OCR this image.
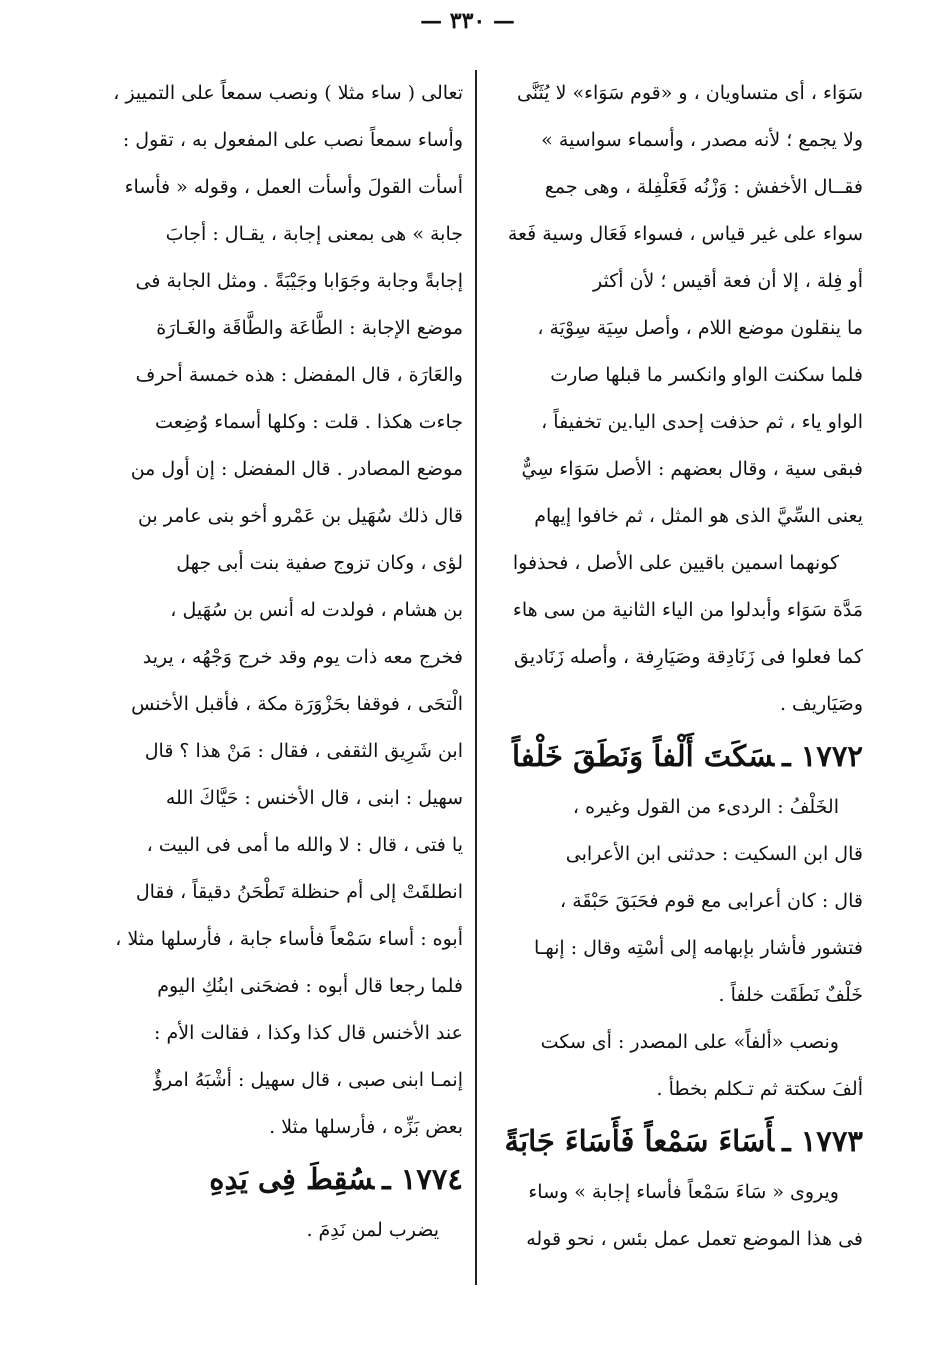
— ٣٣٠ —
سَوَاء ، أى متساويان ، و «قوم سَوَاء» لا يُثَنَّى
ولا يجمع ؛ لأنه مصدر ، وأسماء سواسية »
فقــال الأخفش : وَزْنُه فَعَلْفِلة ، وهى جمع
سواء على غير قياس ، فسواء فَعَال وسية فَعة
أو فِلة ، إلا أن فعة أقيس ؛ لأن أكثر
ما ينقلون موضع اللام ، وأصل سِيَة سِوْيَة ،
فلما سكنت الواو وانكسر ما قبلها صارت
الواو ياء ، ثم حذفت إحدى اليا.ين تخفيفاً ،
فبقى سية ، وقال بعضهم : الأصل سَوَاء سِيٌّ
يعنى السِّيَّ الذى هو المثل ، ثم خافوا إيهام
كونهما اسمين باقيين على الأصل ، فحذفوا
مَدَّة سَوَاء وأبدلوا من الياء الثانية من سى هاء
كما فعلوا فى زَنَادِقة وصَيَارِفة ، وأصله زَنَاديق
وصَيَاريف .
١٧٧٢ ـسَكَتَ أَلْفاً وَنَطَقَ خَلْفاً
الخَلْفُ : الردىء من القول وغيره ،
قال ابن السكيت : حدثنى ابن الأعرابى
قال : كان أعرابى مع قوم فحَبَقَ حَبْقَة ،
فتشور فأشار بإبهامه إلى أسْتِه وقال : إنهـا
خَلْفٌ نَطَقَت خلفاً .
ونصب «ألفاً» على المصدر : أى سكت
ألفَ سكتة ثم تـكلم بخطأ .
١٧٧٣ ـأَسَاءَ سَمْعاً فَأَسَاءَ جَابَةً
ويروى « سَاءَ سَمْعاً فأساء إجابة » وساء
فى هذا الموضع تعمل عمل بئس ، نحو قوله
تعالى ( ساء مثلا ) ونصب سمعاً على التمييز ،
وأساء سمعاً نصب على المفعول به ، تقول :
أسأت القولَ وأسأت العمل ، وقوله « فأساء
جابة » هى بمعنى إجابة ، يقـال : أجابَ
إجابةً وجابة وجَوَابا وجَيْبَةً . ومثل الجابة فى
موضع الإجابة : الطَّاعَة والطَّاقَة والغَـارَة
والعَارَة ، قال المفضل : هذه خمسة أحرف
جاءت هكذا . قلت : وكلها أسماء وُضِعت
موضع المصادر . قال المفضل : إن أول من
قال ذلك سُهَيل بن عَمْرو أخو بنى عامر بن
لؤى ، وكان تزوج صفية بنت أبى جهل
بن هشام ، فولدت له أنس بن سُهَيل ،
فخرج معه ذات يوم وقد خرج وَجْهُه ، يريد
الْتحَى ، فوقفا بحَزْوَرَة مكة ، فأقبل الأخنس
ابن شَرِيق الثقفى ، فقال : مَنْ هذا ؟ قال
سهيل : ابنى ، قال الأخنس : حَيَّاكَ الله
يا فتى ، قال : لا والله ما أمى فى البيت ،
انطلقَتْ إلى أم حنظلة تَطْحَنُ دقيقاً ، فقال
أبوه : أساء سَمْعاً فأساء جابة ، فأرسلها مثلا ،
فلما رجعا قال أبوه : فضحَنى ابنُكِ اليوم
عند الأخنس قال كذا وكذا ، فقالت الأم :
إنمـا ابنى صبى ، قال سهيل : أشْبَهُ امرؤٌ
بعض بَزِّه ، فأرسلها مثلا .
١٧٧٤ ـسُقِطَ فِى يَدِهِ
يضرب لمن نَدِمَ .
